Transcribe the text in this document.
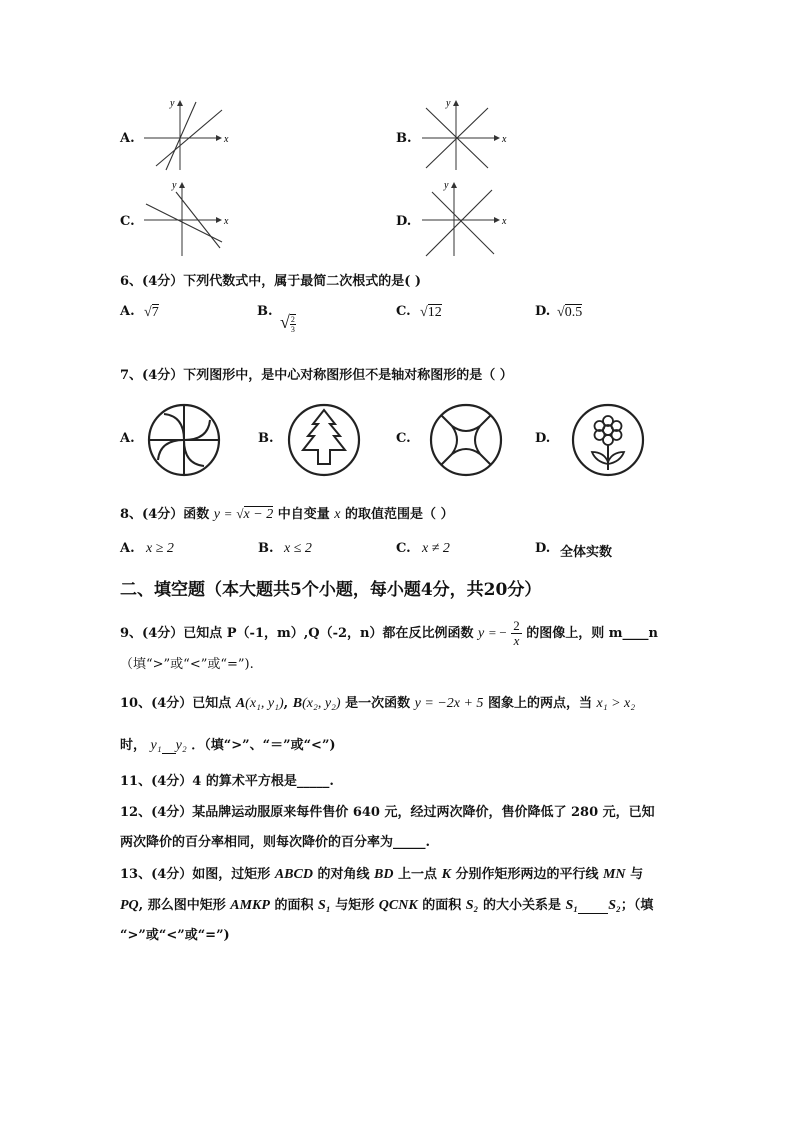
A.	x
y
B.	x
y
C.	x
y
D.	x
y
6、(4分）下列代数式中，属于最简二次根式的是( )
A. √7	B.
√ $\frac{2}{3}$
C. √12	D. √0.5
7、(4分）下列图形中，是中心对称图形但不是轴对称图形的是（ ）
A.	B.	C.	D.
8、(4分）函数 y = √x − 2 中自变量 x 的取值范围是（ ）
A. x ≥ 2	B. x ≤ 2	C. x ≠ 2	D. 全体实数
二、填空题（本大题共5个小题，每小题4分，共20分）
9、(4分）已知点 P（-1，m）,Q（-2，n）都在反比例函数 y = − $\frac{2}{x}$ 的图像上，则 m____n
（填“>”或“<”或“=”).
10、(4分）已知点 A(x₁, y₁), B(x₂, y₂) 是一次函数 y = −2x + 5 图象上的两点，当 x₁ > x₂
时， y₁ y₂ ．（填“>”、“＝”或“<”)
11、(4分）4 的算术平方根是_____.
12、(4分）某品牌运动服原来每件售价 640 元，经过两次降价，售价降低了 280 元，已知
两次降价的百分率相同，则每次降价的百分率为_____.
13、(4分）如图，过矩形 ABCD 的对角线 BD 上一点 K 分别作矩形两边的平行线 MN 与
PQ, 那么图中矩形 AMKP 的面积 S₁ 与矩形 QCNK 的面积 S₂ 的大小关系是 S₁ S₂；（填
“>”或“<”或“=”)
